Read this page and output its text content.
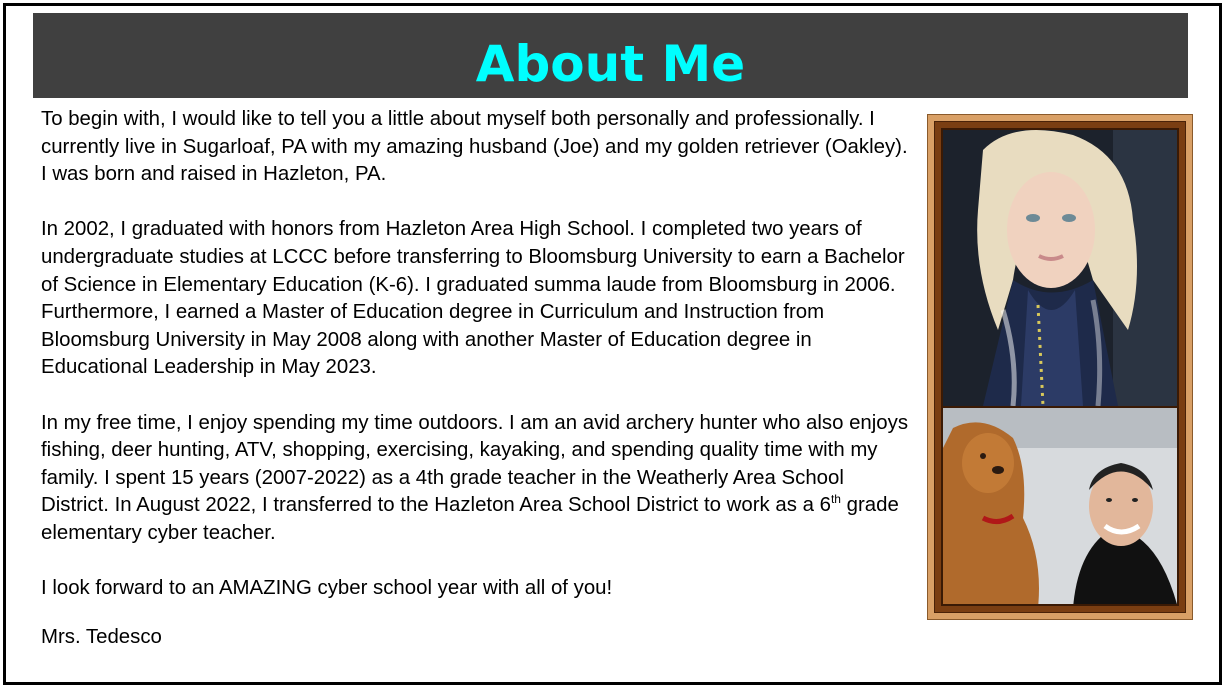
About Me

To begin with, I would like to tell you a little about myself both personally and professionally. I currently live in Sugarloaf, PA with my amazing husband (Joe) and my golden retriever (Oakley). I was born and raised in Hazleton, PA.

In 2002, I graduated with honors from Hazleton Area High School. I completed two years of undergraduate studies at LCCC before transferring to Bloomsburg University to earn a Bachelor of Science in Elementary Education (K-6). I graduated summa laude from Bloomsburg in 2006. Furthermore, I earned a Master of Education degree in Curriculum and Instruction from Bloomsburg University in May 2008 along with another Master of Education degree in Educational Leadership in May 2023.

In my free time, I enjoy spending my time outdoors. I am an avid archery hunter who also enjoys fishing, deer hunting, ATV, shopping, exercising, kayaking, and spending quality time with my family. I spent 15 years (2007-2022) as a 4th grade teacher in the Weatherly Area School District. In August 2022, I transferred to the Hazleton Area School District to work as a 6th grade elementary cyber teacher.

I look forward to an AMAZING cyber school year with all of you!

Mrs. Tedesco
